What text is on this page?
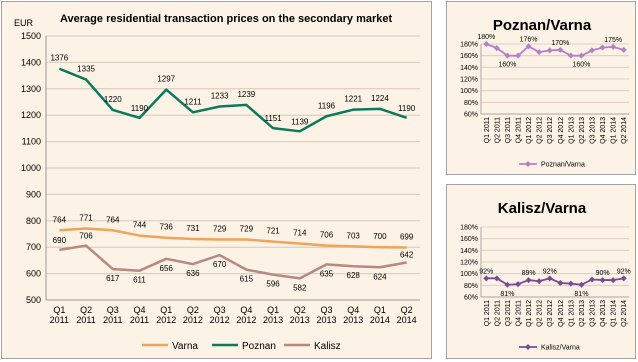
Average residential transaction prices on the secondary market
EUR
500
600
700
800
900
1000
1100
1200
1300
1400
1500
Q1
2011
Q2
2011
Q3
2011
Q4
2011
Q1
2012
Q2
2012
Q3
2012
Q4
2012
Q1
2013
Q2
2013
Q3
2013
Q4
2013
Q1
2014
Q2
2014
764 771 764
744 736 731 729 729 721 714 706 703 700 699
1376
1335
1220
1190
1297
1211
1233 1239
1151 1139
1196
1221 1224
1190
690 706
617 611
656
636
670
615
596 582
635 628 624
642
Varna	Poznan	Kalisz
Poznan/Varna
60%
80%
100%
120%
140%
160%
180%
Q1 2011 Q2 2011 Q3 2011 Q4 2011 Q1 2012 Q2 2012 Q3 2012 Q4 2012 Q1 2013 Q2 2013 Q3 2013 Q4 2013 Q1 2014 Q2 2014
180%
160%
176% 170%
160%
175%
Poznan/Varna
Kalisz/Varna
60%
80%
100%
120%
140%
160%
180%
Q1 2011 Q2 2011 Q3 2011 Q4 2011 Q1 2012 Q2 2012 Q3 2012 Q4 2012 Q1 2013 Q2 2013 Q3 2013 Q4 2013 Q1 2014 Q2 2014
92%
81%
89% 92%
81%
90% 92%
Kalisz/Varna
